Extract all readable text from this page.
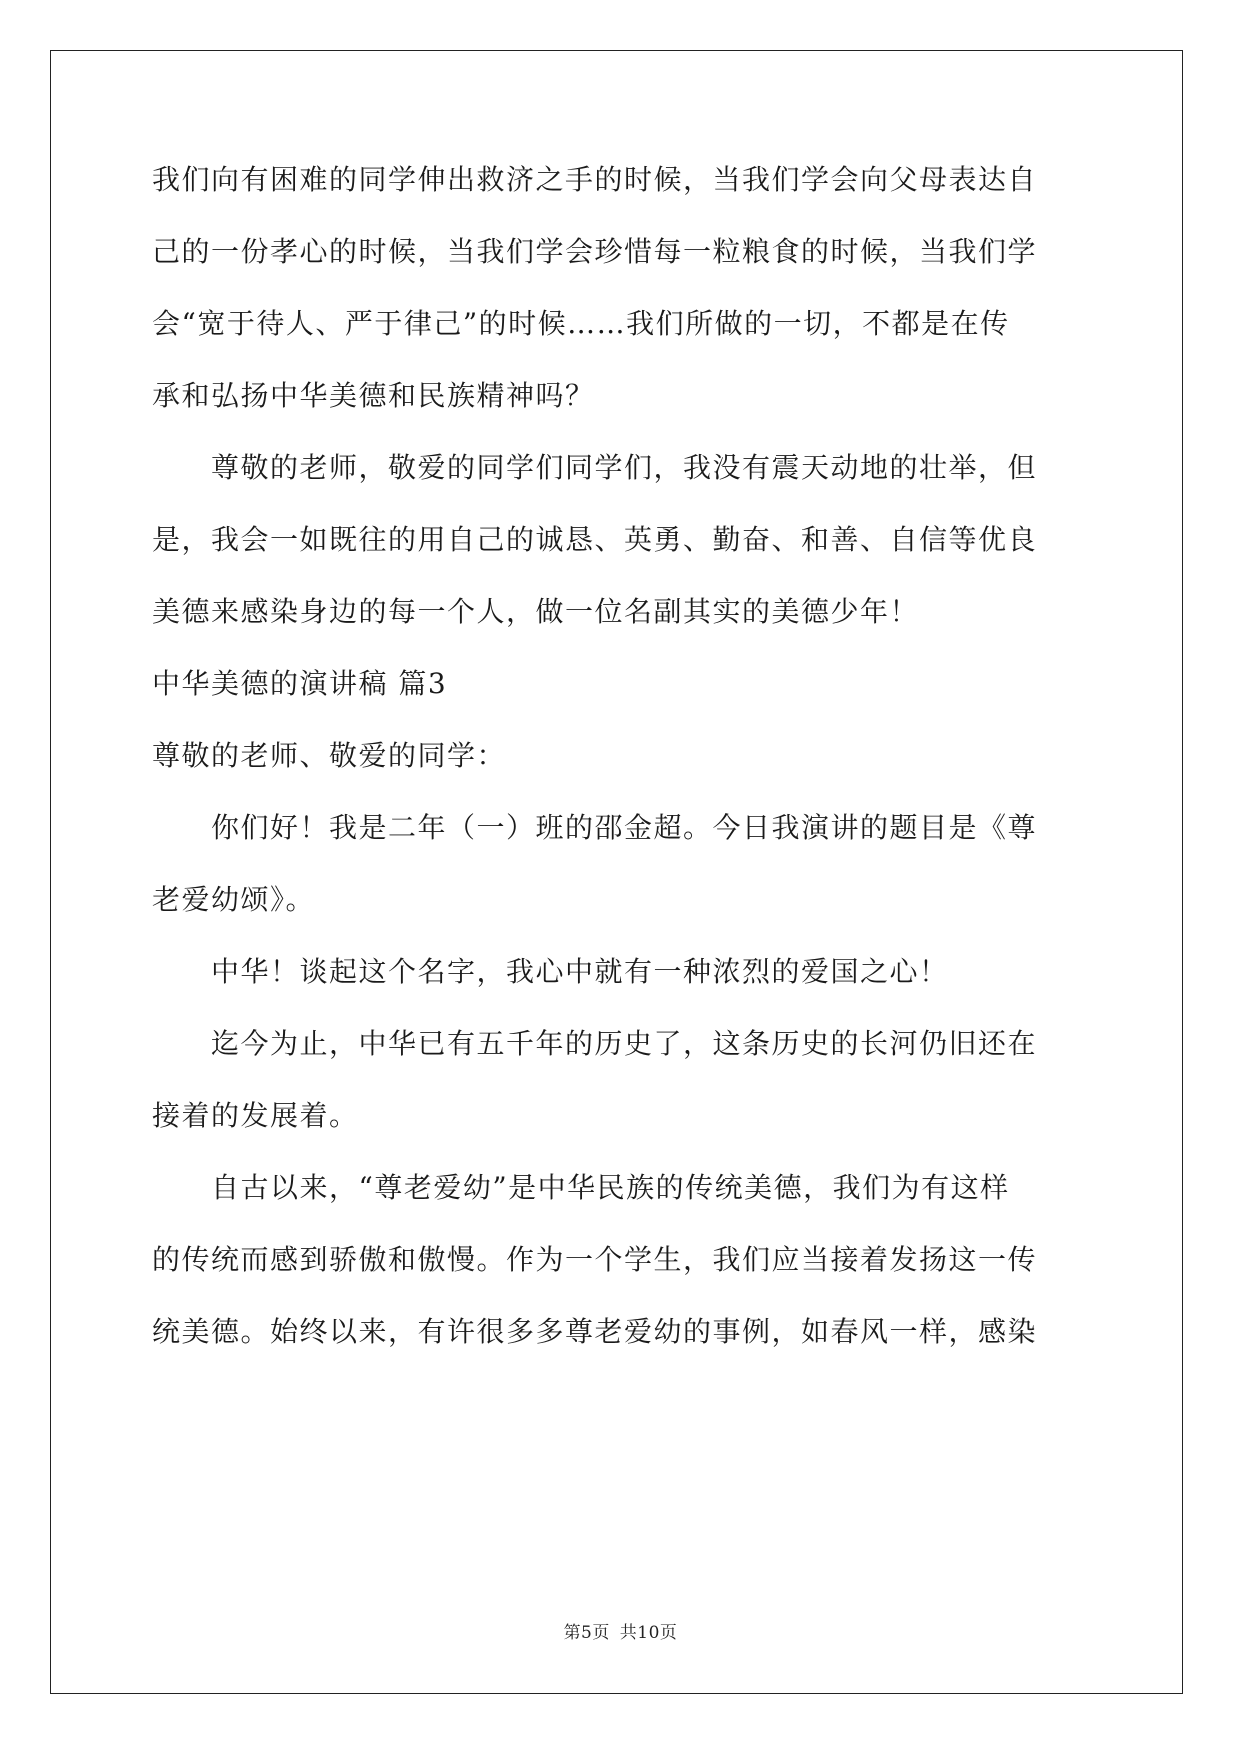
我们向有困难的同学伸出救济之手的时候，当我们学会向父母表达自
己的一份孝心的时候，当我们学会珍惜每一粒粮食的时候，当我们学
会“宽于待人、严于律己”的时候……我们所做的一切，不都是在传
承和弘扬中华美德和民族精神吗？
　　尊敬的老师，敬爱的同学们同学们，我没有震天动地的壮举，但
是，我会一如既往的用自己的诚恳、英勇、勤奋、和善、自信等优良
美德来感染身边的每一个人，做一位名副其实的美德少年！
中华美德的演讲稿 篇3
尊敬的老师、敬爱的同学：
　　你们好！我是二年（一）班的邵金超。今日我演讲的题目是《尊
老爱幼颂》。
　　中华！谈起这个名字，我心中就有一种浓烈的爱国之心！
　　迄今为止，中华已有五千年的历史了，这条历史的长河仍旧还在
接着的发展着。
　　自古以来，“尊老爱幼”是中华民族的传统美德，我们为有这样
的传统而感到骄傲和傲慢。作为一个学生，我们应当接着发扬这一传
统美德。始终以来，有许很多多尊老爱幼的事例，如春风一样，感染
第5页 共10页
